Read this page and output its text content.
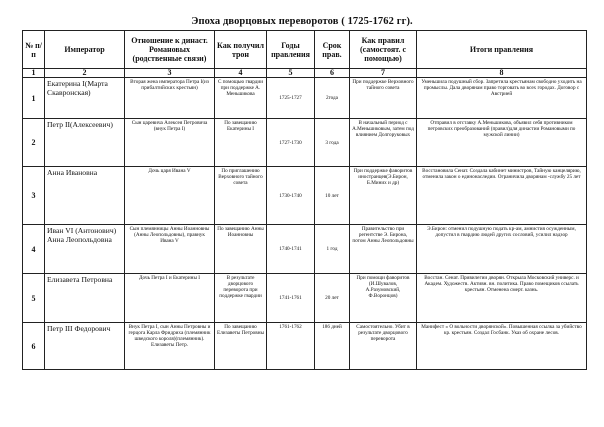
Эпоха дворцовых переворотов ( 1725-1762 гг).
№ п/п	Император	Отношение к династ. Романовых (родственные связи)	Как получил трон	Годы правления	Срок прав.	Как правил (самостоят. с помощью)	Итоги правления
1	2	3	4	5	6	7	8
1	Екатерина I(Марта Скавронская)	Вторая жена императора Петра I(из прибалтийских крестьян)	С помощью гвардии при поддержке А. Меньшикова	1725-1727	2года	При поддержке Верховного тайного совета	Уменьшила подушный сбор. Запретила крестьянам свободно уходить на промыслы. Дала дворянам право торговать во всех городах. Договор с Австрией
2	Петр II(Алексеевич)	Сын царевича Алексея Петровича (внук Петра I)	По завещанию Екатерины I	1727-1730	3 года	В начальный период с А.Меньшиковым, затем под влиянием Долгоруковых	Отправил в отставку А.Меньшикова, объявил себя противником петровских преобразований (правил)для династии Романовыми по мужской линии)
3	Анна Ивановна	Дочь царя Ивана V	По приглашению Верховного тайного совета	1730-1740	10 лет	При поддержке фаворитов иностранцев(Э.Бирон, Б.Миних и др)	Восстановила Сенат. Создала кабинет министров, Тайную канцелярию, отменила закон о единонаследии. Ограничила дворянам -службу 25 лет
4	Иван VI (Антонович) Анна Леопольдовна	Сын племянницы Анны Иоанновны (Анны Леопольдовны), правнук Ивана V	По завещанию Анны Иоанновны	1740-1741	1 год	Правительство при регентстве Э. Бирона, потом Анны Леопольдовны	Э.Бирон: отменил подушную подать кр-ам, амнистия осужденным, допустил в гвардию людей других сословий, усилил надзор
5	Елизавета Петровна	Дочь Петра I и Екатерины I	В результате дворцового переворота при поддержке гвардии	1741-1761	20 лет	При помощи фаворитов (И.Шувалов, А.Разумовский, Ф.Воронцов)	Восстан. Сенат. Привилегии дворян. Открыла Московский универс. и Академ. Художеств. Активн. вн. политика. Право помещиков ссылать крестьян. Отменена смерт. казнь.
6	Петр III Федорович	Внук Петра I, сын Анны Петровны и герцога Карла Фридриха (племянник шведского короля)(племянник). Елизаветы Петр.	По завещанию Елизаветы Петровны	1761-1762	186 дней	Самостоятельно. Убит в результате дворцового переворота	Манифест « О вольности дворянской». Повышенная ссылка за убийство кр. крестьян. Создал Госбанк. Указ об охране лесов.
